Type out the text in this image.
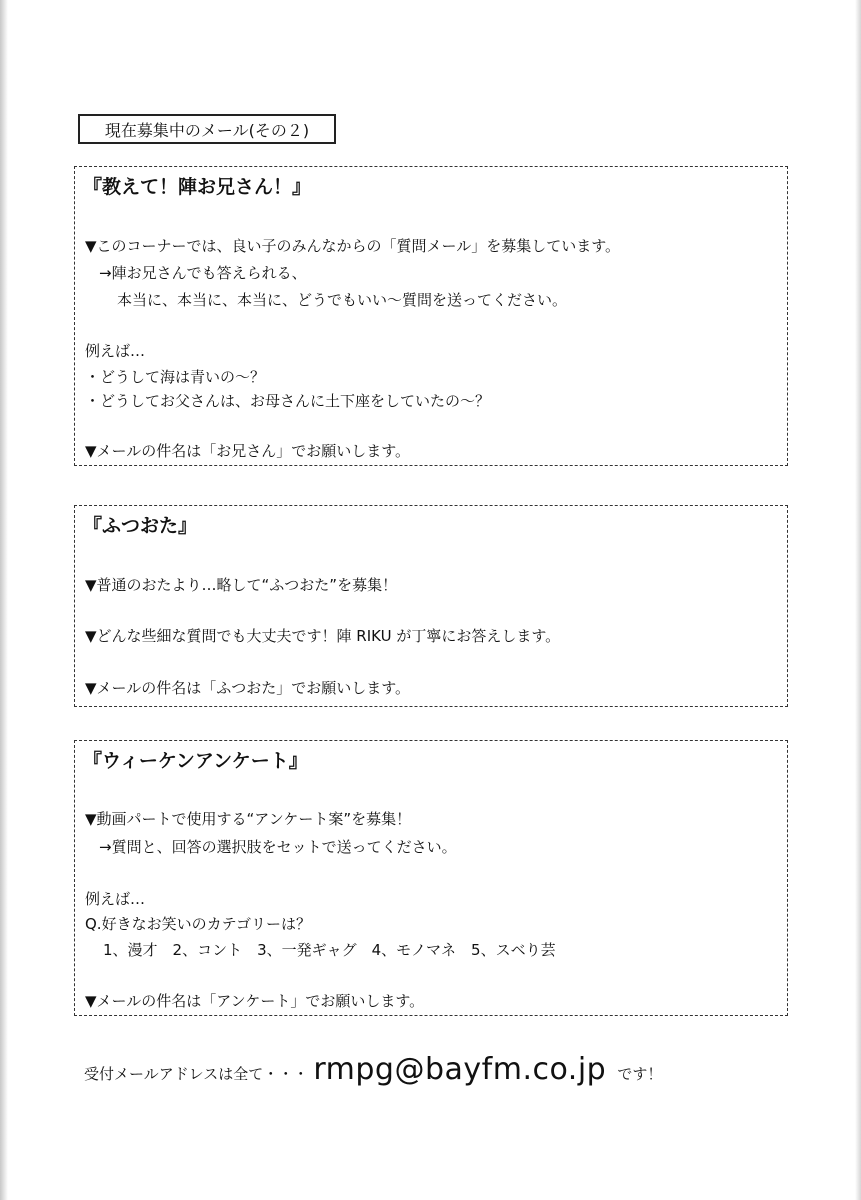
現在募集中のメール(その２)
『教えて！陣お兄さん！』
▼このコーナーでは、良い子のみんなからの「質問メール」を募集しています。
→陣お兄さんでも答えられる、
本当に、本当に、本当に、どうでもいい〜質問を送ってください。
例えば…
・どうして海は青いの〜？
・どうしてお父さんは、お母さんに土下座をしていたの〜？
▼メールの件名は「お兄さん」でお願いします。
『ふつおた』
▼普通のおたより…略して“ふつおた”を募集！
▼どんな些細な質問でも大丈夫です！陣 RIKU が丁寧にお答えします。
▼メールの件名は「ふつおた」でお願いします。
『ウィーケンアンケート』
▼動画パートで使用する“アンケート案”を募集！
→質問と、回答の選択肢をセットで送ってください。
例えば…
Q.好きなお笑いのカテゴリーは？
1、漫才　2、コント　3、一発ギャグ　4、モノマネ　5、スベり芸
▼メールの件名は「アンケート」でお願いします。
受付メールアドレスは全て・・・ rmpg@bayfm.co.jp です！
